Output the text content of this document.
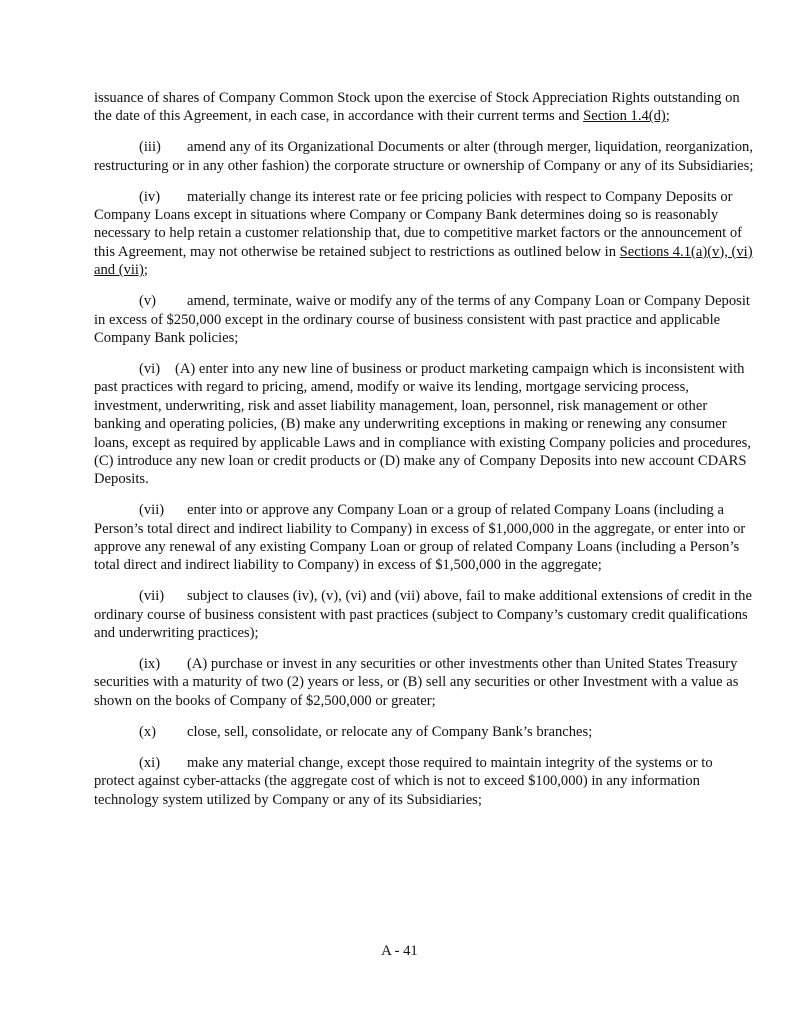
issuance of shares of Company Common Stock upon the exercise of Stock Appreciation Rights outstanding on the date of this Agreement, in each case, in accordance with their current terms and Section 1.4(d);

(iii) amend any of its Organizational Documents or alter (through merger, liquidation, reorganization, restructuring or in any other fashion) the corporate structure or ownership of Company or any of its Subsidiaries;

(iv) materially change its interest rate or fee pricing policies with respect to Company Deposits or Company Loans except in situations where Company or Company Bank determines doing so is reasonably necessary to help retain a customer relationship that, due to competitive market factors or the announcement of this Agreement, may not otherwise be retained subject to restrictions as outlined below in Sections 4.1(a)(v), (vi) and (vii);

(v) amend, terminate, waive or modify any of the terms of any Company Loan or Company Deposit in excess of $250,000 except in the ordinary course of business consistent with past practice and applicable Company Bank policies;

(vi) (A) enter into any new line of business or product marketing campaign which is inconsistent with past practices with regard to pricing, amend, modify or waive its lending, mortgage servicing process, investment, underwriting, risk and asset liability management, loan, personnel, risk management or other banking and operating policies, (B) make any underwriting exceptions in making or renewing any consumer loans, except as required by applicable Laws and in compliance with existing Company policies and procedures, (C) introduce any new loan or credit products or (D) make any of Company Deposits into new account CDARS Deposits.

(vii) enter into or approve any Company Loan or a group of related Company Loans (including a Person’s total direct and indirect liability to Company) in excess of $1,000,000 in the aggregate, or enter into or approve any renewal of any existing Company Loan or group of related Company Loans (including a Person’s total direct and indirect liability to Company) in excess of $1,500,000 in the aggregate;

(vii) subject to clauses (iv), (v), (vi) and (vii) above, fail to make additional extensions of credit in the ordinary course of business consistent with past practices (subject to Company’s customary credit qualifications and underwriting practices);

(ix) (A) purchase or invest in any securities or other investments other than United States Treasury securities with a maturity of two (2) years or less, or (B) sell any securities or other Investment with a value as shown on the books of Company of $2,500,000 or greater;

(x) close, sell, consolidate, or relocate any of Company Bank’s branches;

(xi) make any material change, except those required to maintain integrity of the systems or to protect against cyber-attacks (the aggregate cost of which is not to exceed $100,000) in any information technology system utilized by Company or any of its Subsidiaries;

A - 41
